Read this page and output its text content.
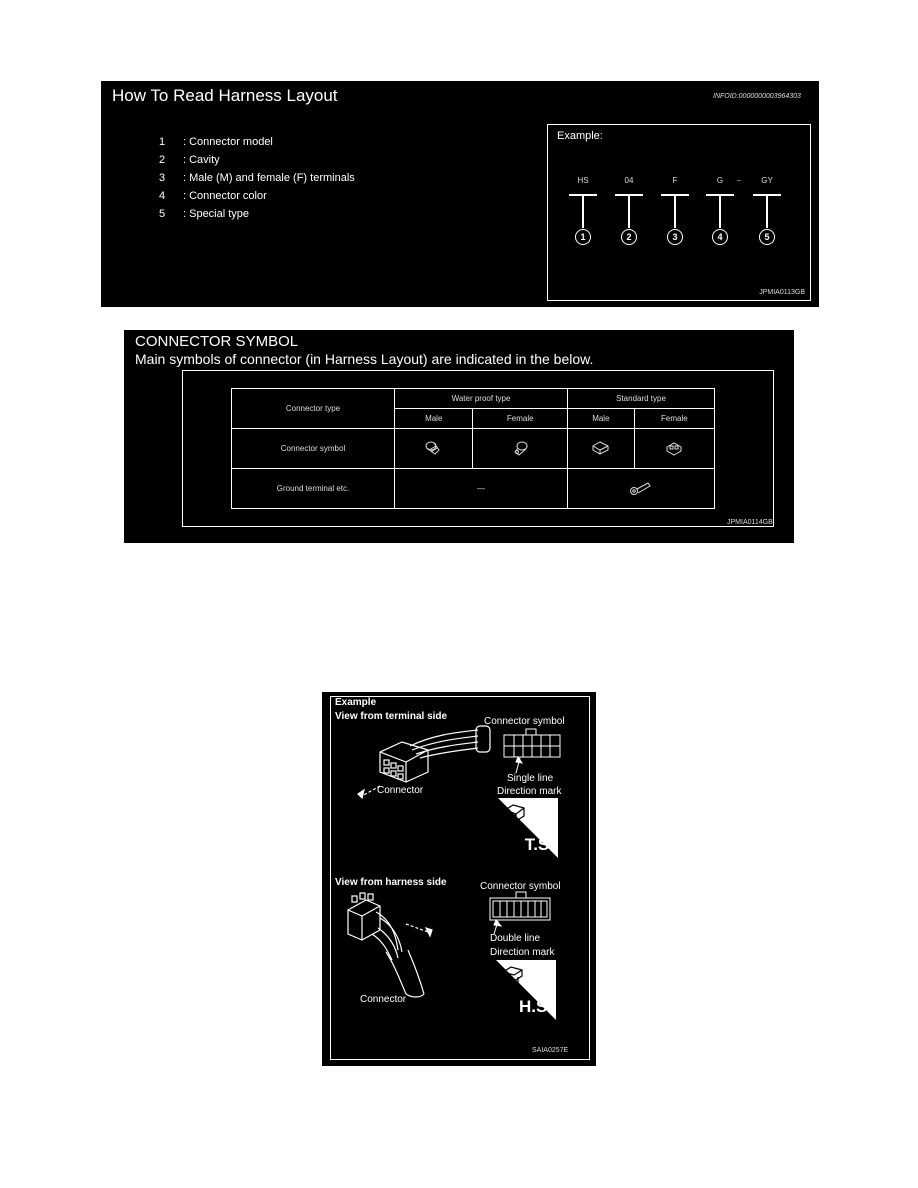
How To Read Harness Layout	INFOID:0000000003964303
1 : Connector model
2 : Cavity
3 : Male (M) and female (F) terminals
4 : Connector color
5 : Special type
Example:
HS
1
04
2
F
3
G
4
–	GY
5
JPMIA0113GB
CONNECTOR SYMBOL
Main symbols of connector (in Harness Layout) are indicated in the below.
Connector type	Water proof type		Standard type	
	Male	Female	Male	Female
Connector symbol				
Ground terminal etc.	—	
JPMIA0114GB
Example
View from terminal side	Connector symbol
Connector
Single line
Direction mark
T.S.
View from harness side	Connector symbol
Double line
Direction mark
H.S.
Connector
SAIA0257E
